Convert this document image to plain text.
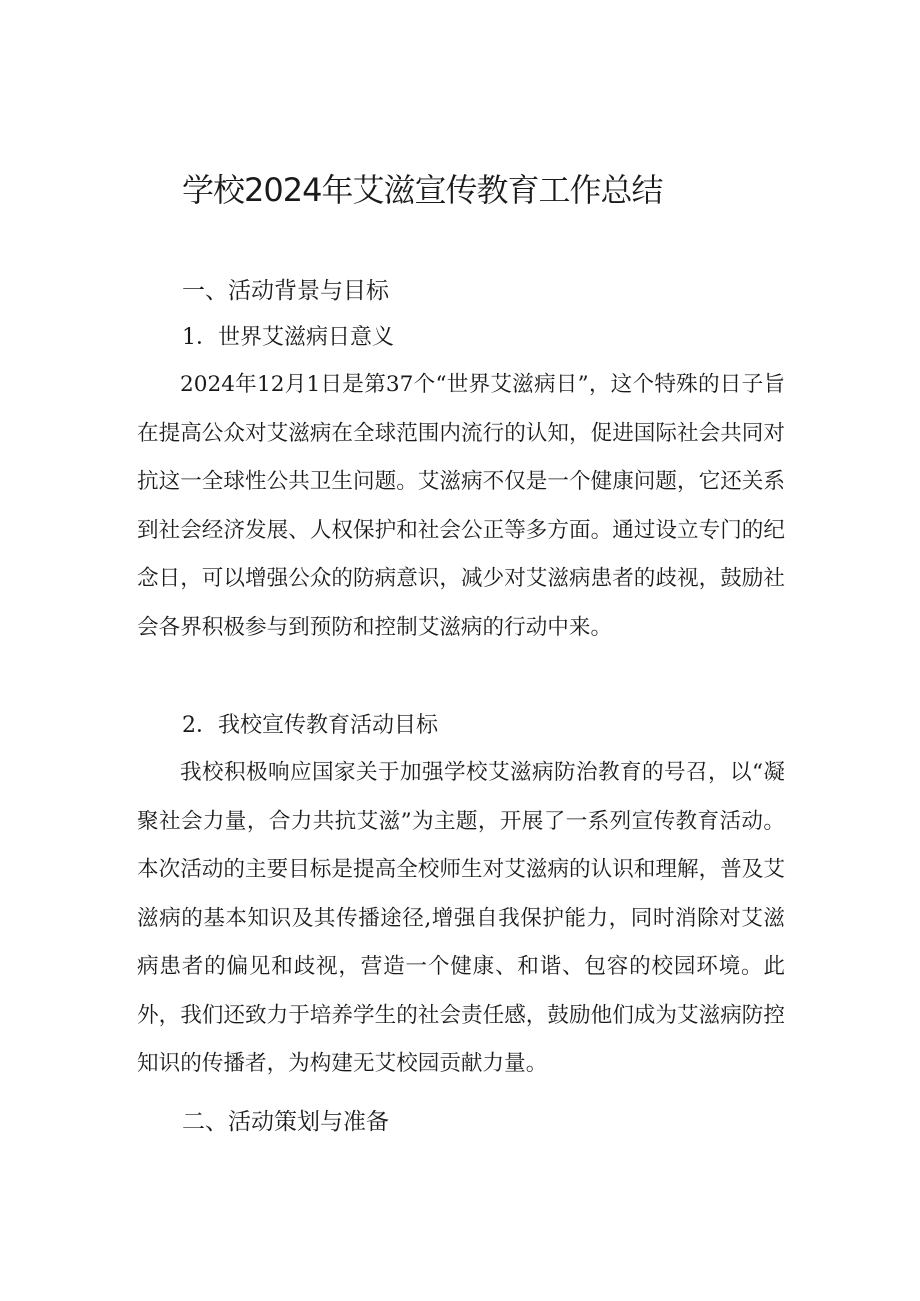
学校2024年艾滋宣传教育工作总结
一、活动背景与目标
1．世界艾滋病日意义

2024年12月1日是第37个“世界艾滋病日”，这个特殊的日子旨在提高公众对艾滋病在全球范围内流行的认知，促进国际社会共同对抗这一全球性公共卫生问题。艾滋病不仅是一个健康问题，它还关系到社会经济发展、人权保护和社会公正等多方面。通过设立专门的纪念日，可以增强公众的防病意识，减少对艾滋病患者的歧视，鼓励社会各界积极参与到预防和控制艾滋病的行动中来。

2．我校宣传教育活动目标

我校积极响应国家关于加强学校艾滋病防治教育的号召，以“凝聚社会力量，合力共抗艾滋”为主题，开展了一系列宣传教育活动。本次活动的主要目标是提高全校师生对艾滋病的认识和理解，普及艾滋病的基本知识及其传播途径,增强自我保护能力，同时消除对艾滋病患者的偏见和歧视，营造一个健康、和谐、包容的校园环境。此外，我们还致力于培养学生的社会责任感，鼓励他们成为艾滋病防控知识的传播者，为构建无艾校园贡献力量。

二、活动策划与准备
